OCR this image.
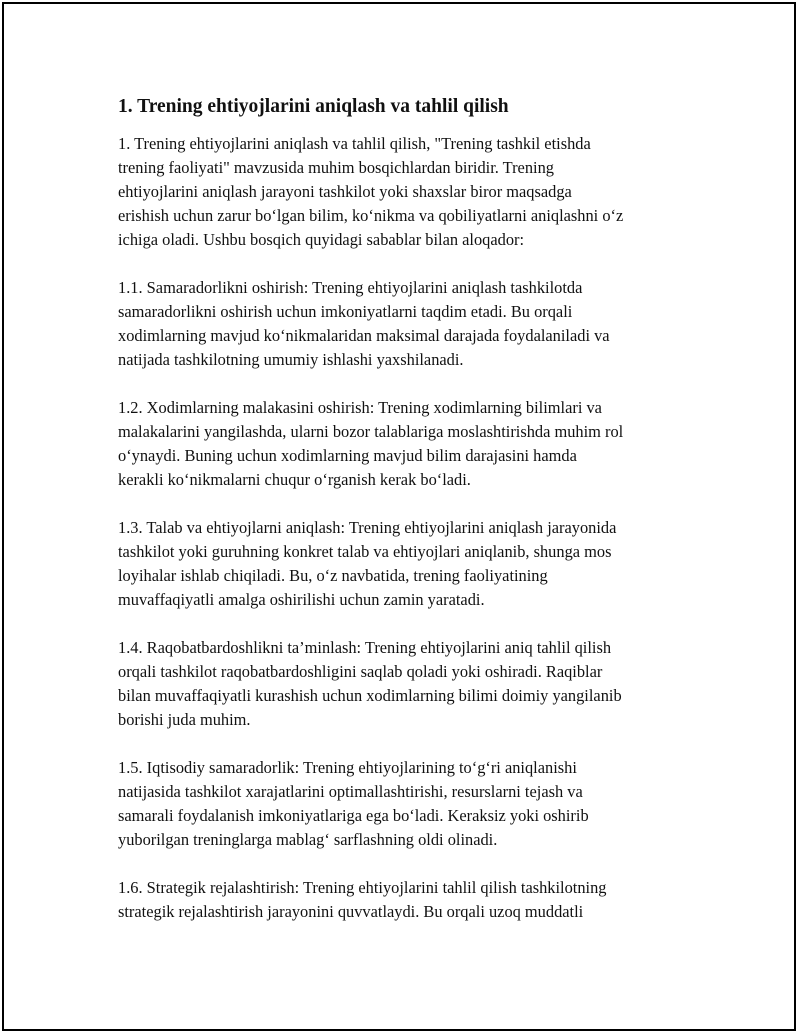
1. Trening ehtiyojlarini aniqlash va tahlil qilish

1. Trening ehtiyojlarini aniqlash va tahlil qilish, "Trening tashkil etishda
trening faoliyati" mavzusida muhim bosqichlardan biridir. Trening
ehtiyojlarini aniqlash jarayoni tashkilot yoki shaxslar biror maqsadga
erishish uchun zarur bo‘lgan bilim, ko‘nikma va qobiliyatlarni aniqlashni o‘z
ichiga oladi. Ushbu bosqich quyidagi sabablar bilan aloqador:

1.1. Samaradorlikni oshirish: Trening ehtiyojlarini aniqlash tashkilotda
samaradorlikni oshirish uchun imkoniyatlarni taqdim etadi. Bu orqali
xodimlarning mavjud ko‘nikmalaridan maksimal darajada foydalaniladi va
natijada tashkilotning umumiy ishlashi yaxshilanadi.

1.2. Xodimlarning malakasini oshirish: Trening xodimlarning bilimlari va
malakalarini yangilashda, ularni bozor talablariga moslashtirishda muhim rol
o‘ynaydi. Buning uchun xodimlarning mavjud bilim darajasini hamda
kerakli ko‘nikmalarni chuqur o‘rganish kerak bo‘ladi.

1.3. Talab va ehtiyojlarni aniqlash: Trening ehtiyojlarini aniqlash jarayonida
tashkilot yoki guruhning konkret talab va ehtiyojlari aniqlanib, shunga mos
loyihalar ishlab chiqiladi. Bu, o‘z navbatida, trening faoliyatining
muvaffaqiyatli amalga oshirilishi uchun zamin yaratadi.

1.4. Raqobatbardoshlikni ta’minlash: Trening ehtiyojlarini aniq tahlil qilish
orqali tashkilot raqobatbardoshligini saqlab qoladi yoki oshiradi. Raqiblar
bilan muvaffaqiyatli kurashish uchun xodimlarning bilimi doimiy yangilanib
borishi juda muhim.

1.5. Iqtisodiy samaradorlik: Trening ehtiyojlarining to‘g‘ri aniqlanishi
natijasida tashkilot xarajatlarini optimallashtirishi, resurslarni tejash va
samarali foydalanish imkoniyatlariga ega bo‘ladi. Keraksiz yoki oshirib
yuborilgan treninglarga mablag‘ sarflashning oldi olinadi.

1.6. Strategik rejalashtirish: Trening ehtiyojlarini tahlil qilish tashkilotning
strategik rejalashtirish jarayonini quvvatlaydi. Bu orqali uzoq muddatli
